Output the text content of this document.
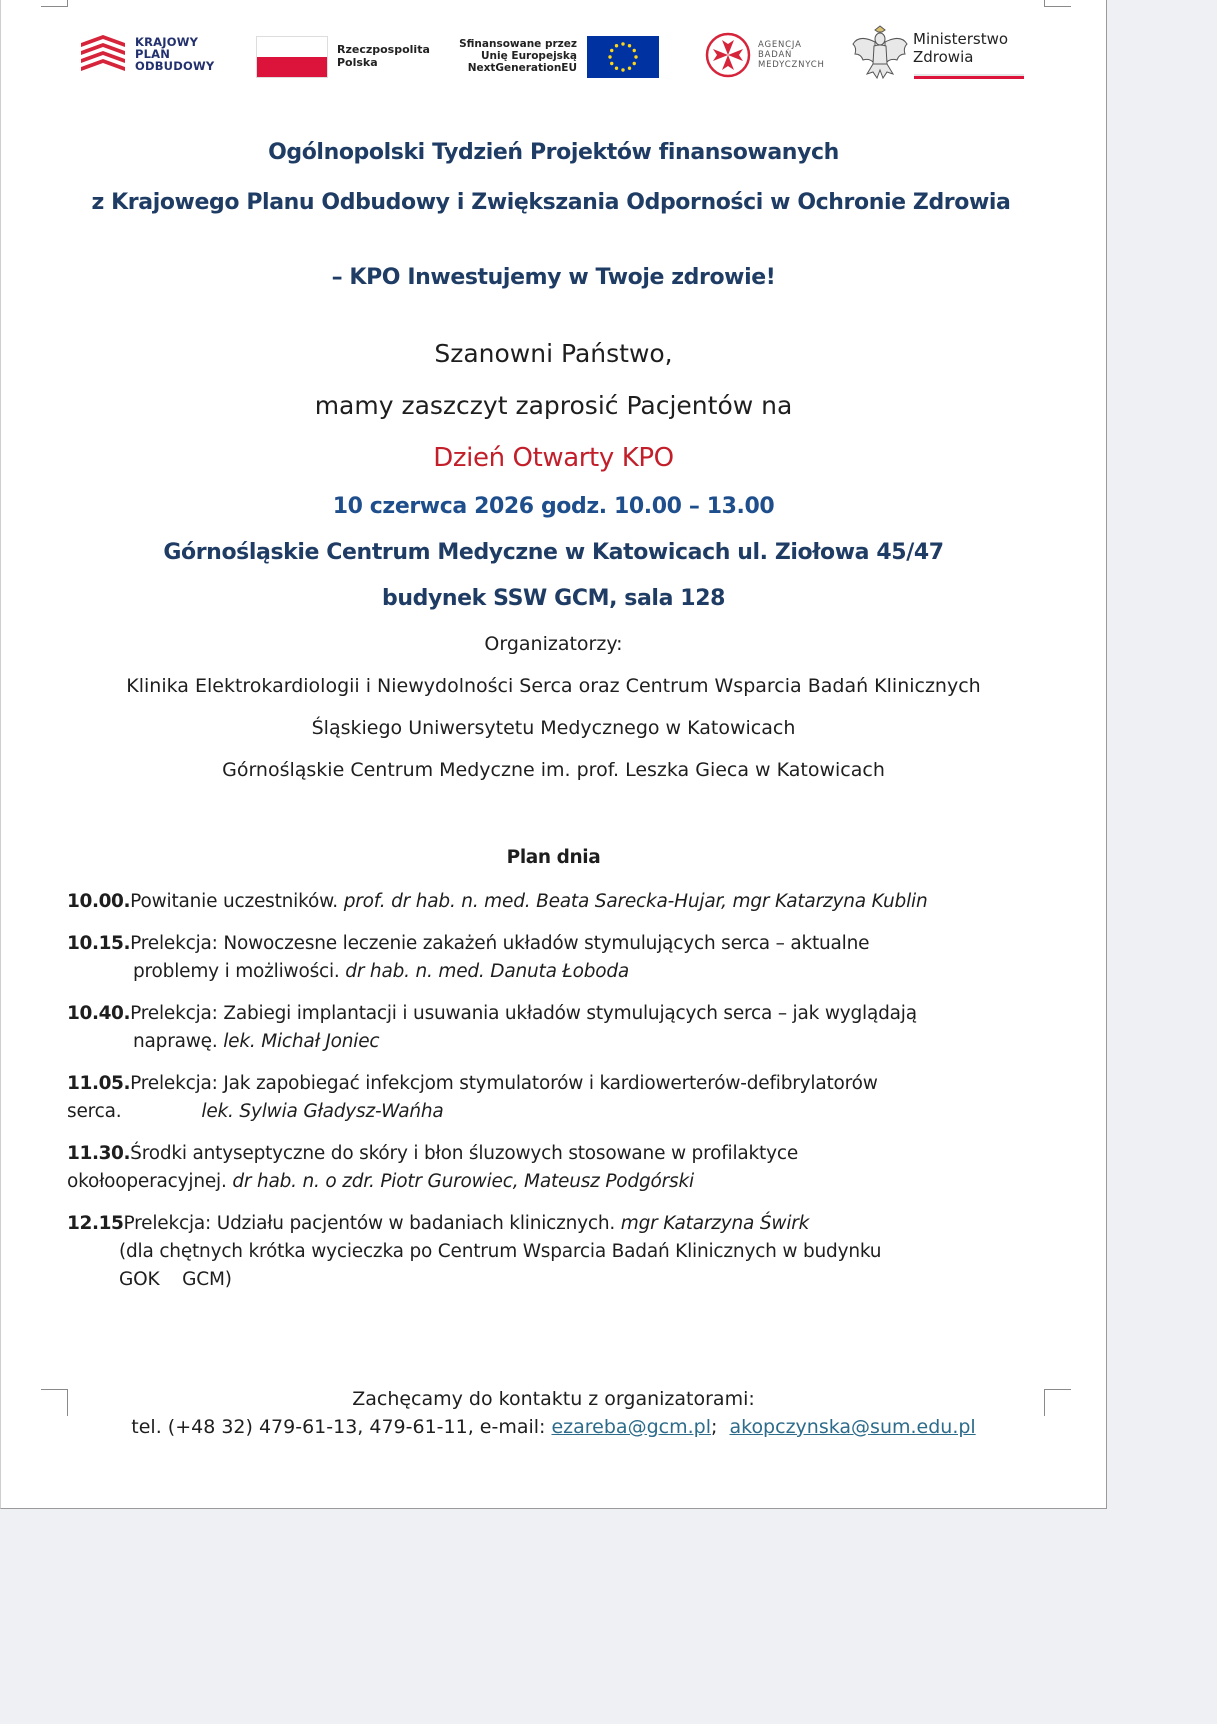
KRAJOWY
PLAN
ODBUDOWY
Rzeczpospolita
Polska
Sfinansowane przez
Unię Europejską
NextGenerationEU
AGENCJA
BADAŃ
MEDYCZNYCH
Ministerstwo
Zdrowia
Ogólnopolski Tydzień Projektów finansowanych
z Krajowego Planu Odbudowy i Zwiększania Odporności w Ochronie Zdrowia
– KPO Inwestujemy w Twoje zdrowie!
Szanowni Państwo,
mamy zaszczyt zaprosić Pacjentów na
Dzień Otwarty KPO
10 czerwca 2026 godz. 10.00 – 13.00
Górnośląskie Centrum Medyczne w Katowicach ul. Ziołowa 45/47
budynek SSW GCM, sala 128
Organizatorzy:
Klinika Elektrokardiologii i Niewydolności Serca oraz Centrum Wsparcia Badań Klinicznych
Śląskiego Uniwersytetu Medycznego w Katowicach
Górnośląskie Centrum Medyczne im. prof. Leszka Gieca w Katowicach
Plan dnia
10.00.Powitanie uczestników. prof. dr hab. n. med. Beata Sarecka-Hujar, mgr Katarzyna Kublin
10.15.Prelekcja: Nowoczesne leczenie zakażeń układów stymulujących serca – aktualne
problemy i możliwości. dr hab. n. med. Danuta Łoboda
10.40.Prelekcja: Zabiegi implantacji i usuwania układów stymulujących serca – jak wyglądają
naprawę. lek. Michał Joniec
11.05.Prelekcja: Jak zapobiegać infekcjom stymulatorów i kardiowerterów-defibrylatorów
serca.	lek. Sylwia Gładysz-Wańha
11.30.Środki antyseptyczne do skóry i błon śluzowych stosowane w profilaktyce
okołooperacyjnej. dr hab. n. o zdr. Piotr Gurowiec, Mateusz Podgórski
12.15Prelekcja: Udziału pacjentów w badaniach klinicznych. mgr Katarzyna Świrk
(dla chętnych krótka wycieczka po Centrum Wsparcia Badań Klinicznych w budynku
GOK    GCM)
Zachęcamy do kontaktu z organizatorami:
tel. (+48 32) 479-61-13, 479-61-11, e-mail: ezareba@gcm.pl;  akopczynska@sum.edu.pl
